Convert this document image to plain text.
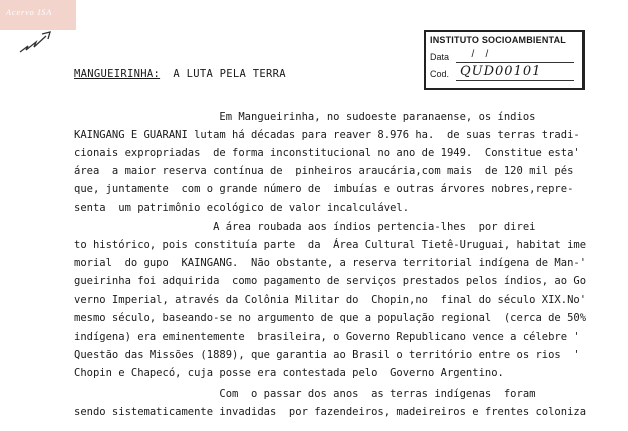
Acervo ISA
INSTITUTO SOCIOAMBIENTAL
Data /    /
Cod. QUD00101
MANGUEIRINHA:  A LUTA PELA TERRA
Em Mangueirinha, no sudoeste paranaense, os índios
KAINGANG E GUARANI lutam há décadas para reaver 8.976 ha.  de suas terras tradi-
cionais expropriadas  de forma inconstitucional no ano de 1949.  Constitue esta'
área  a maior reserva contínua de  pinheiros araucária,com mais  de 120 mil pés
que, juntamente  com o grande número de  imbuías e outras árvores nobres,repre-
senta  um patrimônio ecológico de valor incalculável.
A área roubada aos índios pertencia-lhes  por direi
to histórico, pois constituía parte  da  Área Cultural Tietê-Uruguai, habitat ime
morial  do gupo  KAINGANG.  Não obstante, a reserva territorial indígena de Man-'
gueirinha foi adquirida  como pagamento de serviços prestados pelos índios, ao Go
verno Imperial, através da Colônia Militar do  Chopin,no  final do século XIX.No'
mesmo século, baseando-se no argumento de que a população regional  (cerca de 50%
indígena) era eminentemente  brasileira, o Governo Republicano vence a célebre '
Questão das Missões (1889), que garantia ao Brasil o território entre os rios  '
Chopin e Chapecó, cuja posse era contestada pelo  Governo Argentino.
Com  o passar dos anos  as terras indígenas  foram
sendo sistematicamente invadidas  por fazendeiros, madeireiros e frentes coloniza
